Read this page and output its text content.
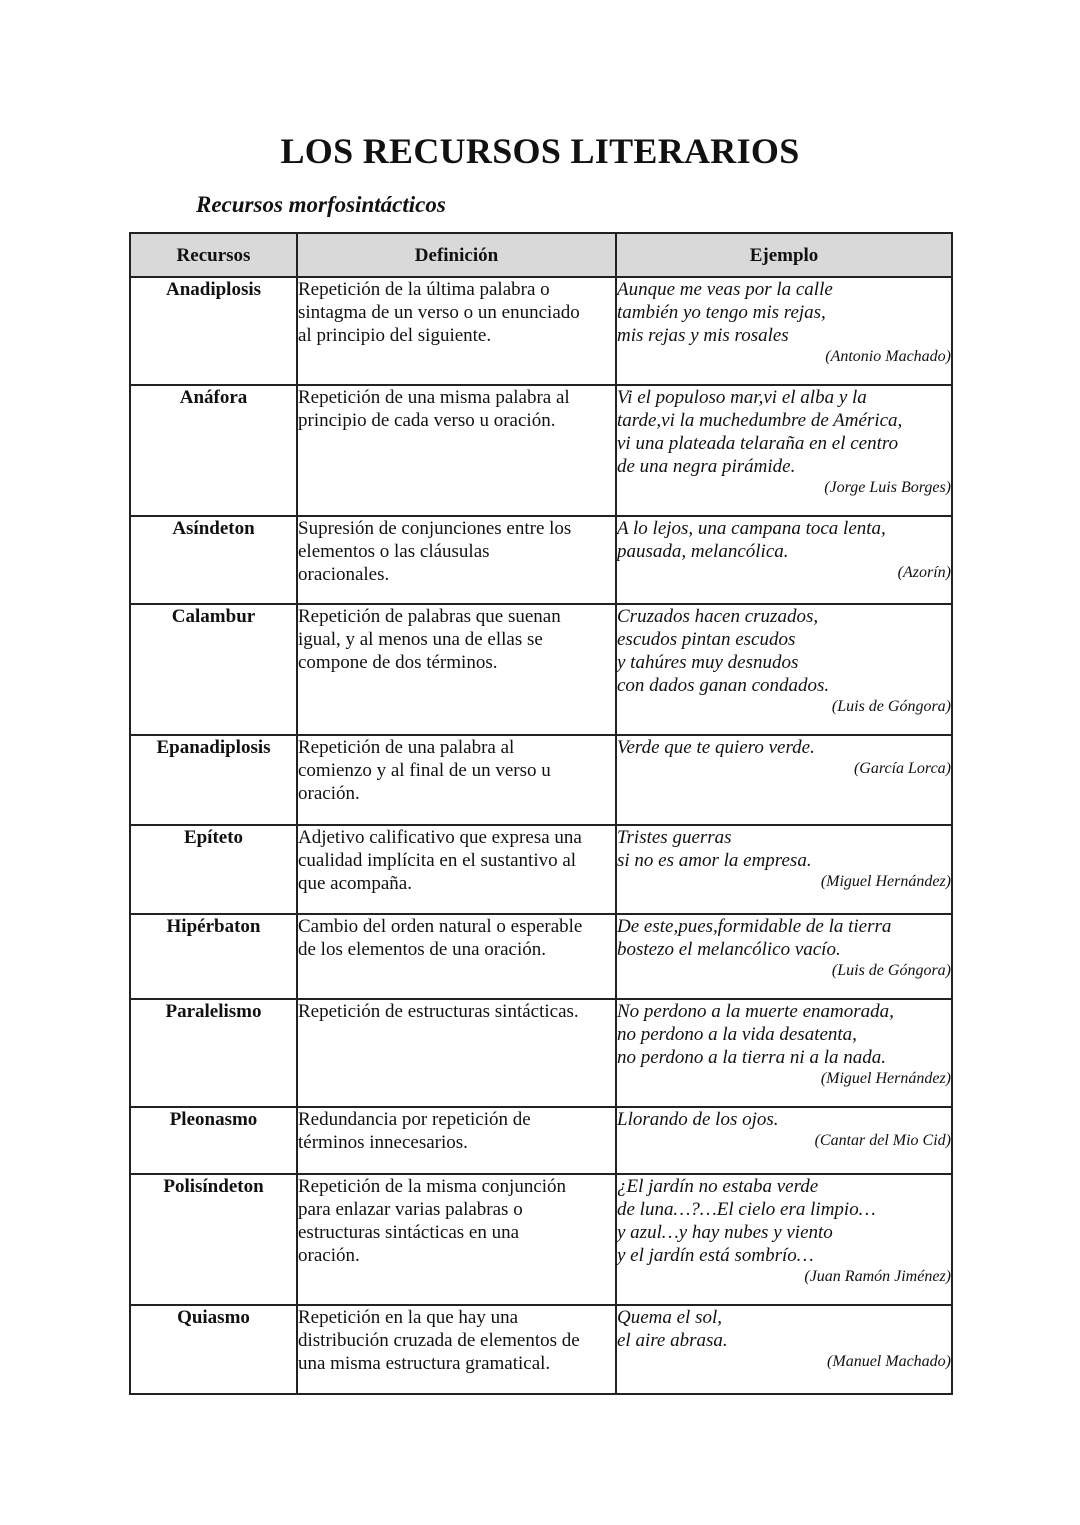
LOS RECURSOS LITERARIOS
Recursos morfosintácticos
Recursos	Definición	Ejemplo
Anadiplosis	Repetición de la última palabra o
sintagma de un verso o un enunciado
al principio del siguiente.	Aunque me veas por la calle
también yo tengo mis rejas,
mis rejas y mis rosales
(Antonio Machado)

Anáfora	Repetición de una misma palabra al
principio de cada verso u oración.	Vi el populoso mar,vi el alba y la
tarde,vi la muchedumbre de América,
vi una plateada telaraña en el centro
de una negra pirámide.
(Jorge Luis Borges)

Asíndeton	Supresión de conjunciones entre los
elementos o las cláusulas
oracionales.	A lo lejos, una campana toca lenta,
pausada, melancólica.
(Azorín)

Calambur	Repetición de palabras que suenan
igual, y al menos una de ellas se
compone de dos términos.	Cruzados hacen cruzados,
escudos pintan escudos
y tahúres muy desnudos
con dados ganan condados.
(Luis de Góngora)

Epanadiplosis	Repetición de una palabra al
comienzo y al final de un verso u
oración.	Verde que te quiero verde.
(García Lorca)

Epíteto	Adjetivo calificativo que expresa una
cualidad implícita en el sustantivo al
que acompaña.	Tristes guerras
si no es amor la empresa.
(Miguel Hernández)

Hipérbaton	Cambio del orden natural o esperable
de los elementos de una oración.	De este,pues,formidable de la tierra
bostezo el melancólico vacío.
(Luis de Góngora)

Paralelismo	Repetición de estructuras sintácticas.	No perdono a la muerte enamorada,
no perdono a la vida desatenta,
no perdono a la tierra ni a la nada.
(Miguel Hernández)

Pleonasmo	Redundancia por repetición de
términos innecesarios.	Llorando de los ojos.
(Cantar del Mio Cid)

Polisíndeton	Repetición de la misma conjunción
para enlazar varias palabras o
estructuras sintácticas en una
oración.	¿El jardín no estaba verde
de luna…?…El cielo era limpio…
y azul…y hay nubes y viento
y el jardín está sombrío…
(Juan Ramón Jiménez)

Quiasmo	Repetición en la que hay una
distribución cruzada de elementos de
una misma estructura gramatical.	Quema el sol,
el aire abrasa.
(Manuel Machado)
